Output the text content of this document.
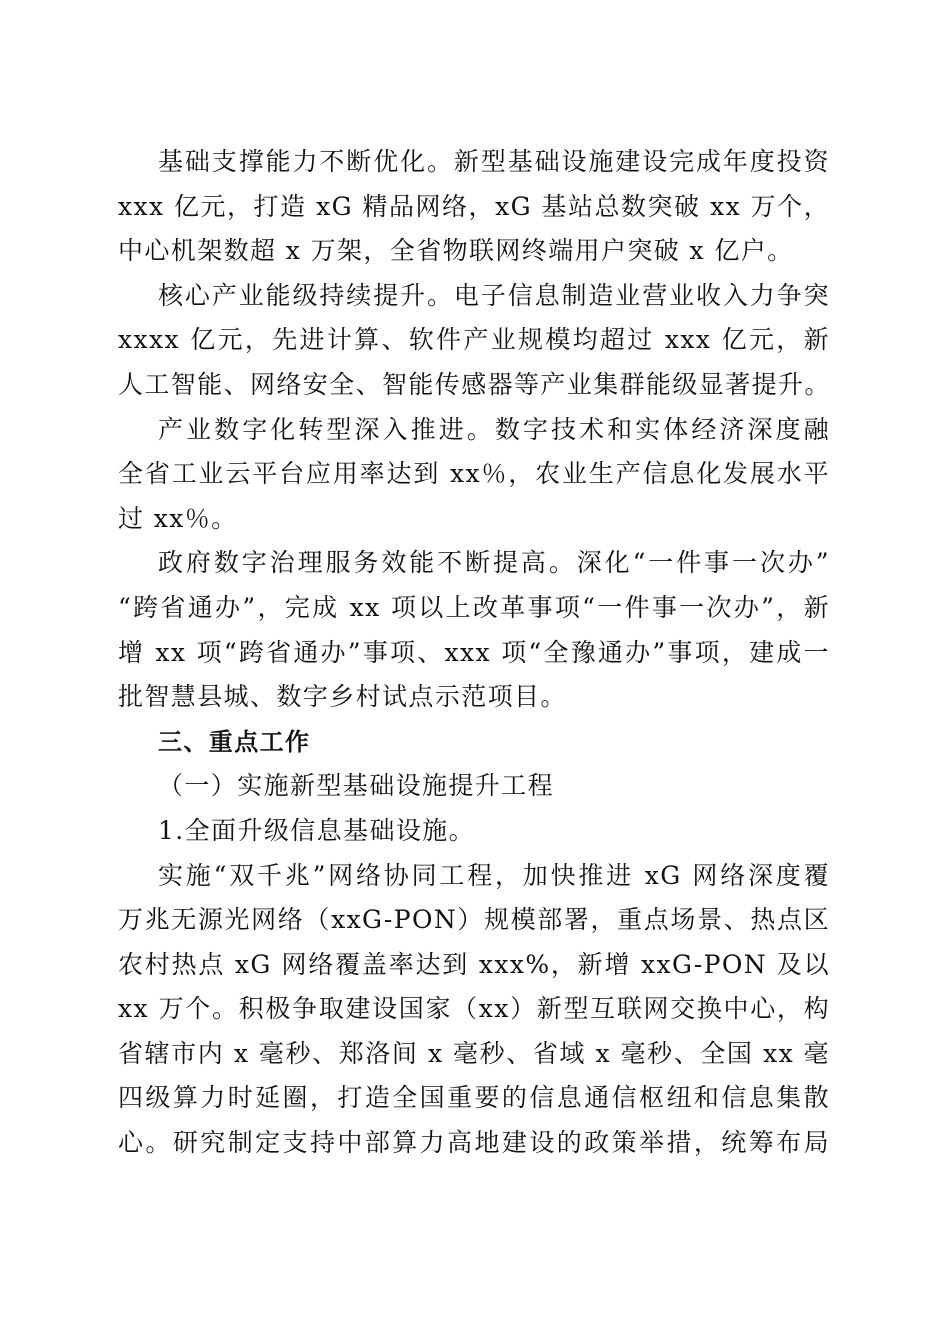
基础支撑能力不断优化。新型基础设施建设完成年度投资
xxx 亿元，打造 xG 精品网络，xG 基站总数突破 xx 万个，
中心机架数超 x 万架，全省物联网终端用户突破 x 亿户。
核心产业能级持续提升。电子信息制造业营业收入力争突
xxxx 亿元，先进计算、软件产业规模均超过 xxx 亿元，新
人工智能、网络安全、智能传感器等产业集群能级显著提升。
产业数字化转型深入推进。数字技术和实体经济深度融
全省工业云平台应用率达到 xx％，农业生产信息化发展水平
过 xx％。
政府数字治理服务效能不断提高。深化“一件事一次办”
“跨省通办”，完成 xx 项以上改革事项“一件事一次办”，新
增 xx 项“跨省通办”事项、xxx 项“全豫通办”事项，建成一
批智慧县城、数字乡村试点示范项目。
三、重点工作
（一）实施新型基础设施提升工程
1.全面升级信息基础设施。
实施“双千兆”网络协同工程，加快推进 xG 网络深度覆
万兆无源光网络（xxG-PON）规模部署，重点场景、热点区
农村热点 xG 网络覆盖率达到 xxx%，新增 xxG-PON 及以
xx 万个。积极争取建设国家（xx）新型互联网交换中心，构
省辖市内 x 毫秒、郑洛间 x 毫秒、省域 x 毫秒、全国 xx 毫
四级算力时延圈，打造全国重要的信息通信枢纽和信息集散
心。研究制定支持中部算力高地建设的政策举措，统筹布局
